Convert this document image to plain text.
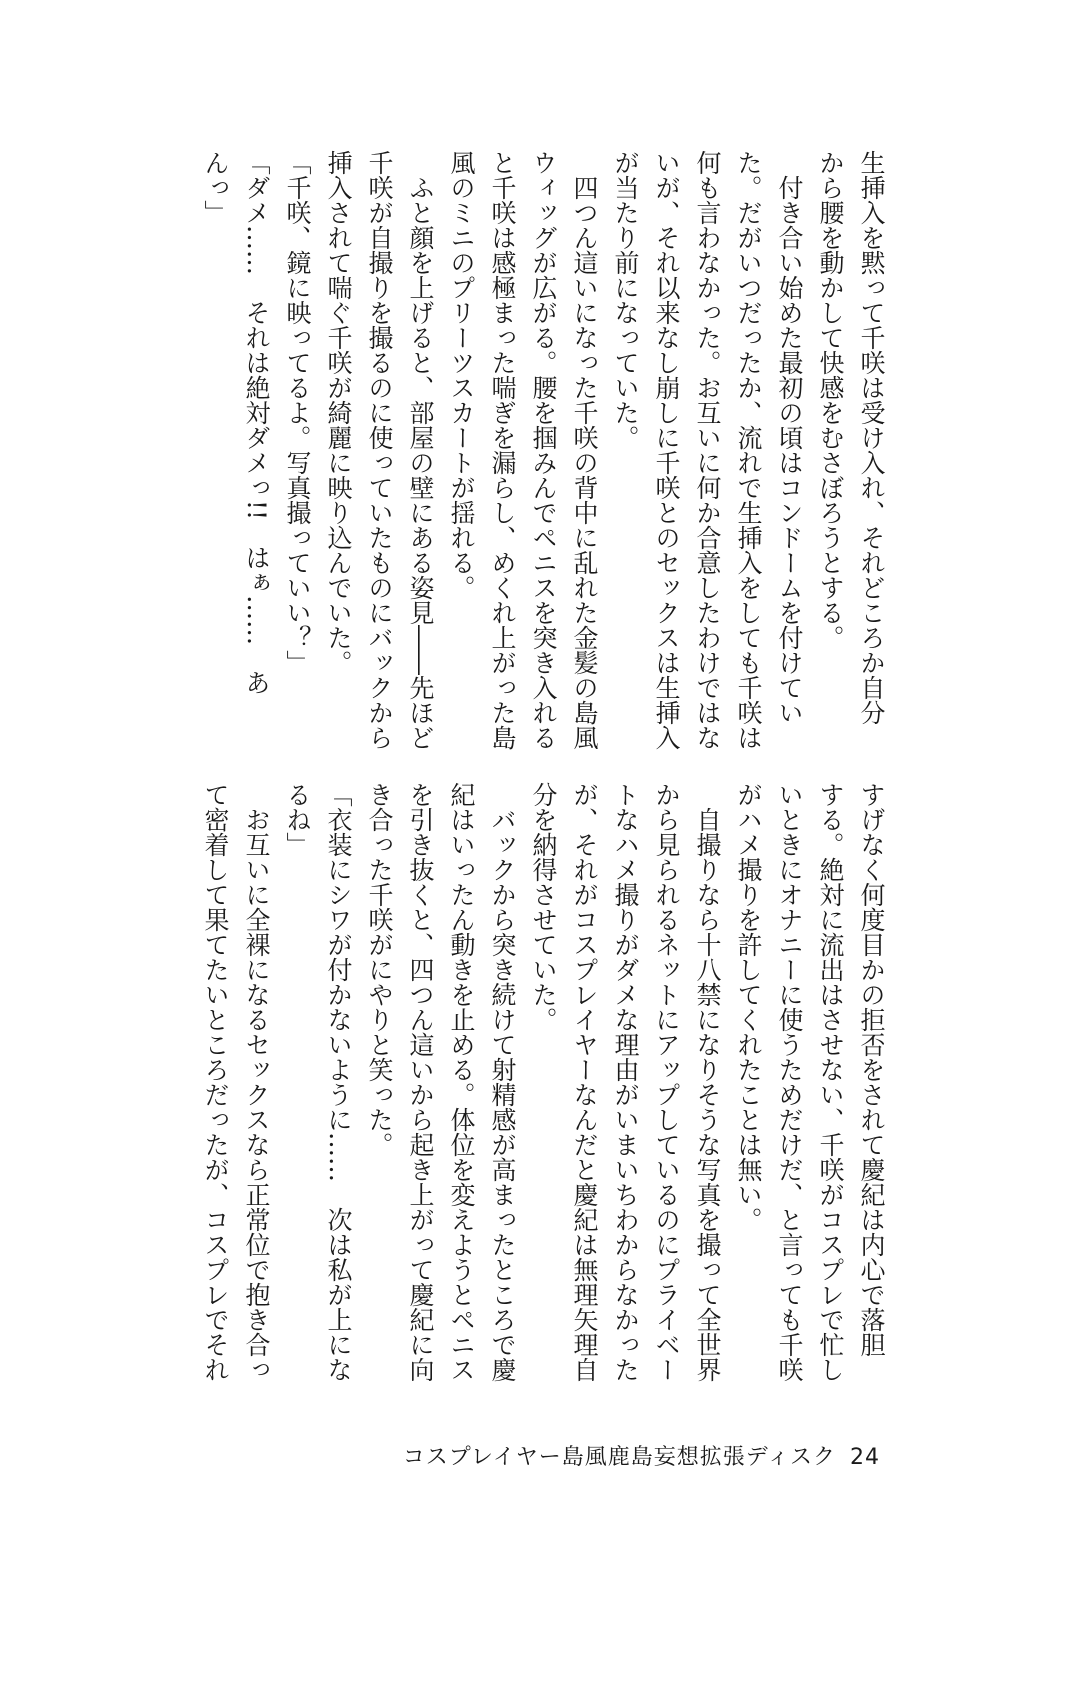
生挿入を黙って千咲は受け入れ、それどころか自分
から腰を動かして快感をむさぼろうとする。
　付き合い始めた最初の頃はコンドームを付けてい
た。だがいつだったか、流れで生挿入をしても千咲は
何も言わなかった。お互いに何か合意したわけではな
いが、それ以来なし崩しに千咲とのセックスは生挿入
が当たり前になっていた。
　四つん這いになった千咲の背中に乱れた金髪の島風
ウィッグが広がる。腰を掴みんでペニスを突き入れる
と千咲は感極まった喘ぎを漏らし、めくれ上がった島
風のミニのプリーツスカートが揺れる。
　ふと顔を上げると、部屋の壁にある姿見――先ほど
千咲が自撮りを撮るのに使っていたものにバックから
挿入されて喘ぐ千咲が綺麗に映り込んでいた。
「千咲、鏡に映ってるよ。写真撮っていい？」
「ダメ……　それは絶対ダメっ!!　はぁ……　あ
んっ」
すげなく何度目かの拒否をされて慶紀は内心で落胆
する。絶対に流出はさせない、千咲がコスプレで忙し
いときにオナニーに使うためだけだ、と言っても千咲
がハメ撮りを許してくれたことは無い。
　自撮りなら十八禁になりそうな写真を撮って全世界
から見られるネットにアップしているのにプライベー
トなハメ撮りがダメな理由がいまいちわからなかった
が、それがコスプレイヤーなんだと慶紀は無理矢理自
分を納得させていた。
　バックから突き続けて射精感が高まったところで慶
紀はいったん動きを止める。体位を変えようとペニス
を引き抜くと、四つん這いから起き上がって慶紀に向
き合った千咲がにやりと笑った。
「衣装にシワが付かないように……　次は私が上にな
るね」
　お互いに全裸になるセックスなら正常位で抱き合っ
て密着して果てたいところだったが、コスプレでそれ
コスプレイヤー島風鹿島妄想拡張ディスク 24
